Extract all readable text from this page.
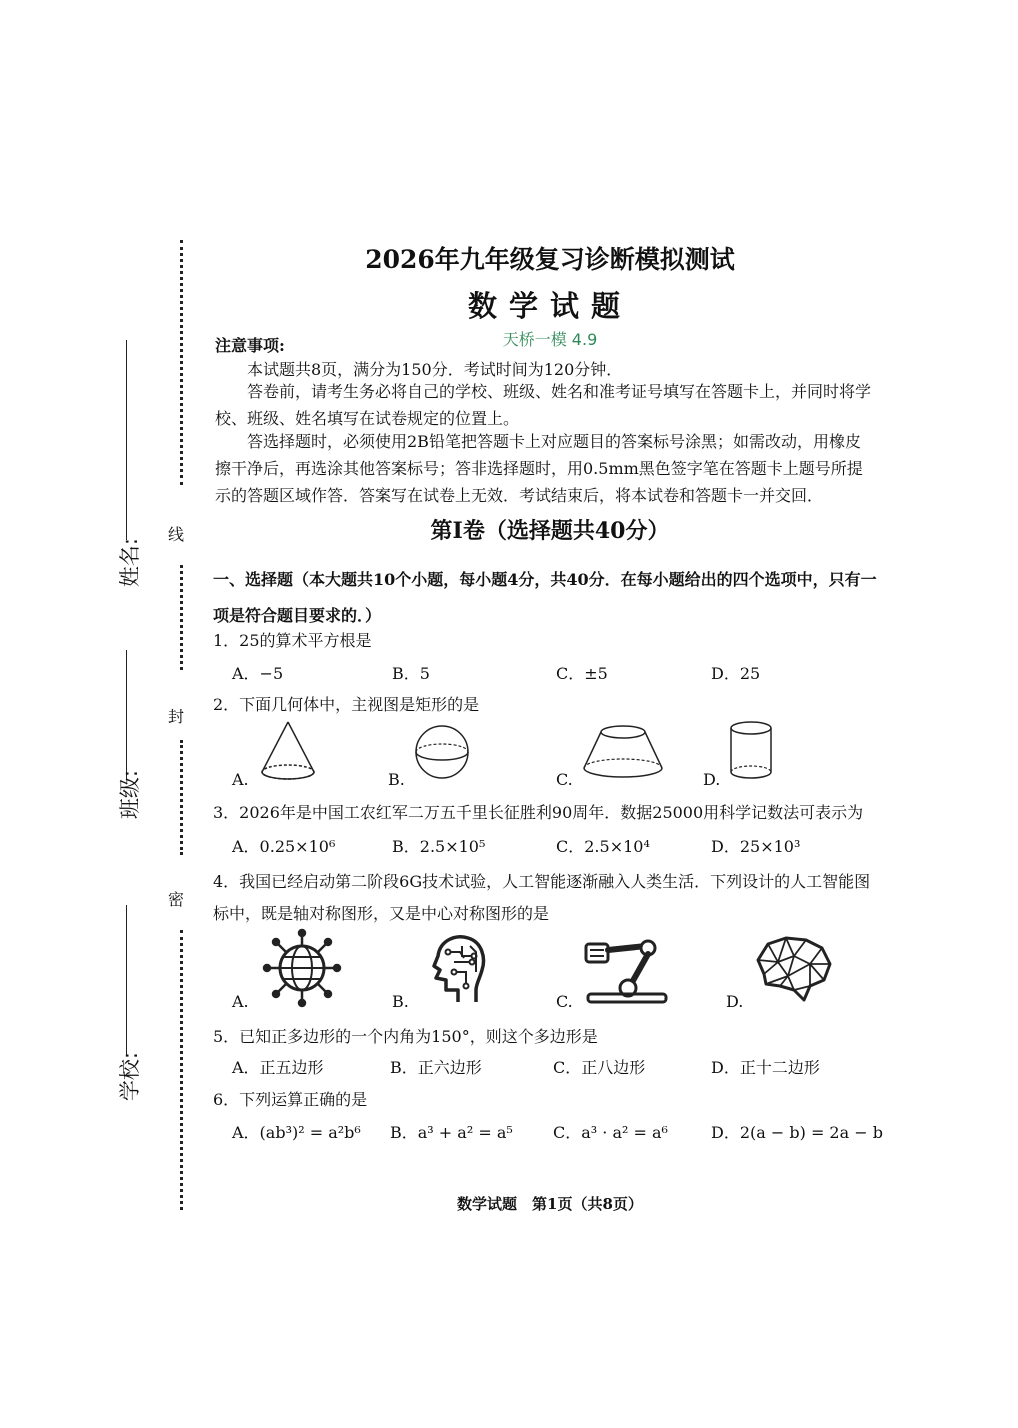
线
封
密
姓名:
班级:
学校:
2026年九年级复习诊断模拟测试
数学试题
天桥一模 4.9
注意事项:
本试题共8页，满分为150分．考试时间为120分钟．
答卷前，请考生务必将自己的学校、班级、姓名和准考证号填写在答题卡上，并同时将学校、班级、姓名填写在试卷规定的位置上。
答选择题时，必须使用2B铅笔把答题卡上对应题目的答案标号涂黑；如需改动，用橡皮擦干净后，再选涂其他答案标号；答非选择题时，用0.5mm黑色签字笔在答题卡上题号所提示的答题区域作答．答案写在试卷上无效．考试结束后，将本试卷和答题卡一并交回．
第Ⅰ卷（选择题共40分）
一、选择题（本大题共10个小题，每小题4分，共40分．在每小题给出的四个选项中，只有一项是符合题目要求的．）
1．25的算术平方根是
A．−5	B．5	C．±5	D．25
2．下面几何体中，主视图是矩形的是
A.	B.	C.	D.
3．2026年是中国工农红军二万五千里长征胜利90周年．数据25000用科学记数法可表示为
A．0.25×10⁶	B．2.5×10⁵	C．2.5×10⁴	D．25×10³
4．我国已经启动第二阶段6G技术试验，人工智能逐渐融入人类生活．下列设计的人工智能图标中，既是轴对称图形，又是中心对称图形的是
A.	B.	C.	D.
5．已知正多边形的一个内角为150°，则这个多边形是
A．正五边形	B．正六边形	C．正八边形	D．正十二边形
6．下列运算正确的是
A．(ab³)² = a²b⁶ B．a³ + a² = a⁵	C．a³ · a² = a⁶	D．2(a − b) = 2a − b
数学试题　第1页（共8页）
